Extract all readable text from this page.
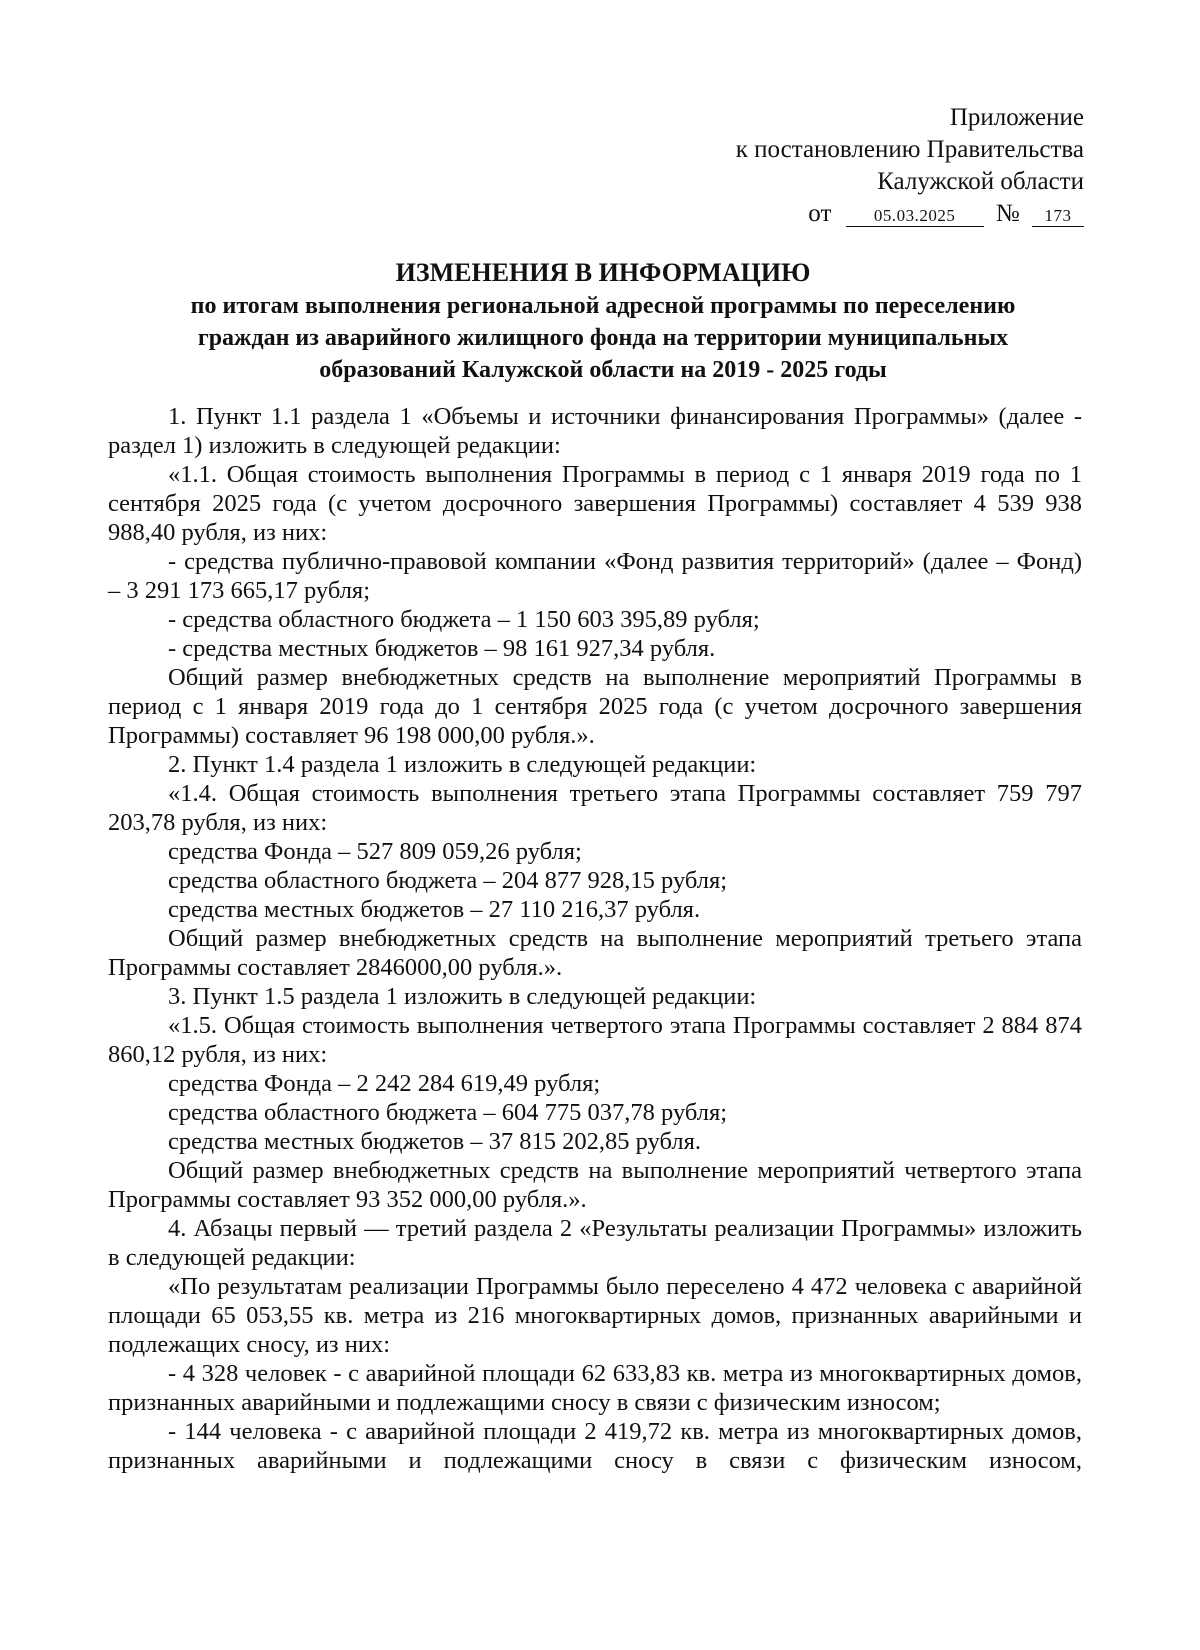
Приложение
к постановлению Правительства
Калужской области
от	05.03.2025 № 173
ИЗМЕНЕНИЯ В ИНФОРМАЦИЮ
по итогам выполнения региональной адресной программы по переселению
граждан из аварийного жилищного фонда на территории муниципальных
образований Калужской области на 2019 - 2025 годы

1. Пункт 1.1 раздела 1 «Объемы и источники финансирования Программы» (далее - раздел 1) изложить в следующей редакции:

«1.1. Общая стоимость выполнения Программы в период с 1 января 2019 года по 1 сентября 2025 года (с учетом досрочного завершения Программы) составляет 4 539 938 988,40 рубля, из них:

- средства публично-правовой компании «Фонд развития территорий» (далее – Фонд) – 3 291 173 665,17 рубля;

- средства областного бюджета – 1 150 603 395,89 рубля;

- средства местных бюджетов – 98 161 927,34 рубля.

Общий размер внебюджетных средств на выполнение мероприятий Программы в период с 1 января 2019 года до 1 сентября 2025 года (с учетом досрочного завершения Программы) составляет 96 198 000,00 рубля.».

2. Пункт 1.4 раздела 1 изложить в следующей редакции:

«1.4. Общая стоимость выполнения третьего этапа Программы составляет 759 797 203,78 рубля, из них:

средства Фонда – 527 809 059,26 рубля;

средства областного бюджета – 204 877 928,15 рубля;

средства местных бюджетов – 27 110 216,37 рубля.

Общий размер внебюджетных средств на выполнение мероприятий третьего этапа Программы составляет 2846000,00 рубля.».

3. Пункт 1.5 раздела 1 изложить в следующей редакции:

«1.5. Общая стоимость выполнения четвертого этапа Программы составляет 2 884 874 860,12 рубля, из них:

средства Фонда – 2 242 284 619,49 рубля;

средства областного бюджета – 604 775 037,78 рубля;

средства местных бюджетов – 37 815 202,85 рубля.

Общий размер внебюджетных средств на выполнение мероприятий четвертого этапа Программы составляет 93 352 000,00 рубля.».

4. Абзацы первый — третий раздела 2 «Результаты реализации Программы» изложить в следующей редакции:

«По результатам реализации Программы было переселено 4 472 человека с аварийной площади 65 053,55 кв. метра из 216 многоквартирных домов, признанных аварийными и подлежащих сносу, из них:

- 4 328 человек - с аварийной площади 62 633,83 кв. метра из многоквартирных домов, признанных аварийными и подлежащими сносу в связи с физическим износом;

- 144 человека - с аварийной площади 2 419,72 кв. метра из многоквартирных домов, признанных аварийными и подлежащими сносу в связи с физическим износом,
